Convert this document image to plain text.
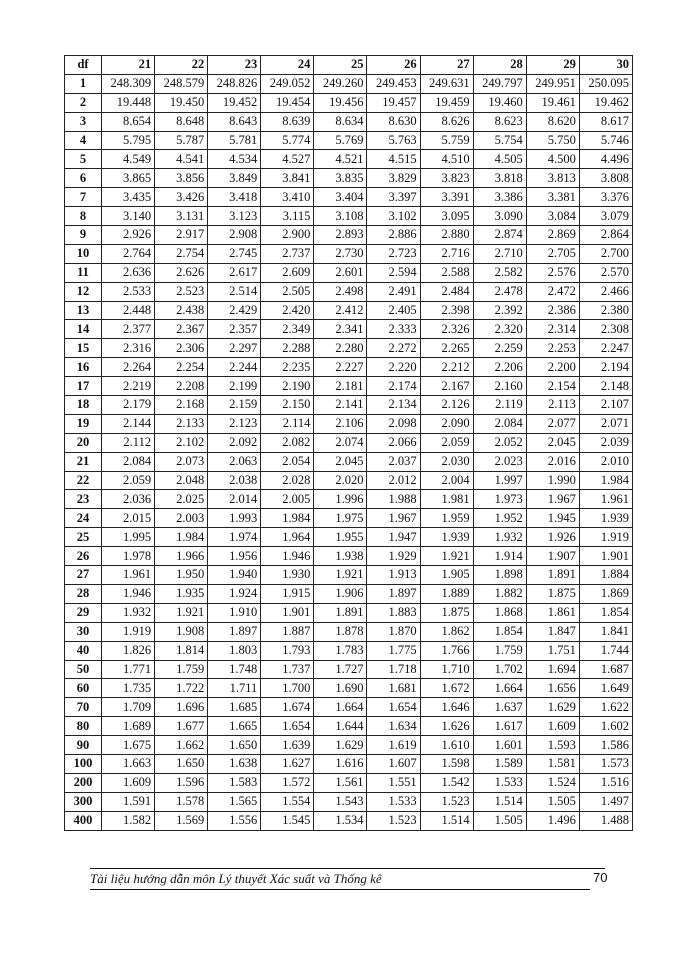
df	21	22	23	24	25	26	27	28	29	30
1	248.309	248.579	248.826	249.052	249.260	249.453	249.631	249.797	249.951	250.095
2	19.448	19.450	19.452	19.454	19.456	19.457	19.459	19.460	19.461	19.462
3	8.654	8.648	8.643	8.639	8.634	8.630	8.626	8.623	8.620	8.617
4	5.795	5.787	5.781	5.774	5.769	5.763	5.759	5.754	5.750	5.746
5	4.549	4.541	4.534	4.527	4.521	4.515	4.510	4.505	4.500	4.496
6	3.865	3.856	3.849	3.841	3.835	3.829	3.823	3.818	3.813	3.808
7	3.435	3.426	3.418	3.410	3.404	3.397	3.391	3.386	3.381	3.376
8	3.140	3.131	3.123	3.115	3.108	3.102	3.095	3.090	3.084	3.079
9	2.926	2.917	2.908	2.900	2.893	2.886	2.880	2.874	2.869	2.864
10	2.764	2.754	2.745	2.737	2.730	2.723	2.716	2.710	2.705	2.700
11	2.636	2.626	2.617	2.609	2.601	2.594	2.588	2.582	2.576	2.570
12	2.533	2.523	2.514	2.505	2.498	2.491	2.484	2.478	2.472	2.466
13	2.448	2.438	2.429	2.420	2.412	2.405	2.398	2.392	2.386	2.380
14	2.377	2.367	2.357	2.349	2.341	2.333	2.326	2.320	2.314	2.308
15	2.316	2.306	2.297	2.288	2.280	2.272	2.265	2.259	2.253	2.247
16	2.264	2.254	2.244	2.235	2.227	2.220	2.212	2.206	2.200	2.194
17	2.219	2.208	2.199	2.190	2.181	2.174	2.167	2.160	2.154	2.148
18	2.179	2.168	2.159	2.150	2.141	2.134	2.126	2.119	2.113	2.107
19	2.144	2.133	2.123	2.114	2.106	2.098	2.090	2.084	2.077	2.071
20	2.112	2.102	2.092	2.082	2.074	2.066	2.059	2.052	2.045	2.039
21	2.084	2.073	2.063	2.054	2.045	2.037	2.030	2.023	2.016	2.010
22	2.059	2.048	2.038	2.028	2.020	2.012	2.004	1.997	1.990	1.984
23	2.036	2.025	2.014	2.005	1.996	1.988	1.981	1.973	1.967	1.961
24	2.015	2.003	1.993	1.984	1.975	1.967	1.959	1.952	1.945	1.939
25	1.995	1.984	1.974	1.964	1.955	1.947	1.939	1.932	1.926	1.919
26	1.978	1.966	1.956	1.946	1.938	1.929	1.921	1.914	1.907	1.901
27	1.961	1.950	1.940	1.930	1.921	1.913	1.905	1.898	1.891	1.884
28	1.946	1.935	1.924	1.915	1.906	1.897	1.889	1.882	1.875	1.869
29	1.932	1.921	1.910	1.901	1.891	1.883	1.875	1.868	1.861	1.854
30	1.919	1.908	1.897	1.887	1.878	1.870	1.862	1.854	1.847	1.841
40	1.826	1.814	1.803	1.793	1.783	1.775	1.766	1.759	1.751	1.744
50	1.771	1.759	1.748	1.737	1.727	1.718	1.710	1.702	1.694	1.687
60	1.735	1.722	1.711	1.700	1.690	1.681	1.672	1.664	1.656	1.649
70	1.709	1.696	1.685	1.674	1.664	1.654	1.646	1.637	1.629	1.622
80	1.689	1.677	1.665	1.654	1.644	1.634	1.626	1.617	1.609	1.602
90	1.675	1.662	1.650	1.639	1.629	1.619	1.610	1.601	1.593	1.586
100	1.663	1.650	1.638	1.627	1.616	1.607	1.598	1.589	1.581	1.573
200	1.609	1.596	1.583	1.572	1.561	1.551	1.542	1.533	1.524	1.516
300	1.591	1.578	1.565	1.554	1.543	1.533	1.523	1.514	1.505	1.497
400	1.582	1.569	1.556	1.545	1.534	1.523	1.514	1.505	1.496	1.488
Tài liệu hướng dẫn môn Lý thuyết Xác suất và Thống kê	70
